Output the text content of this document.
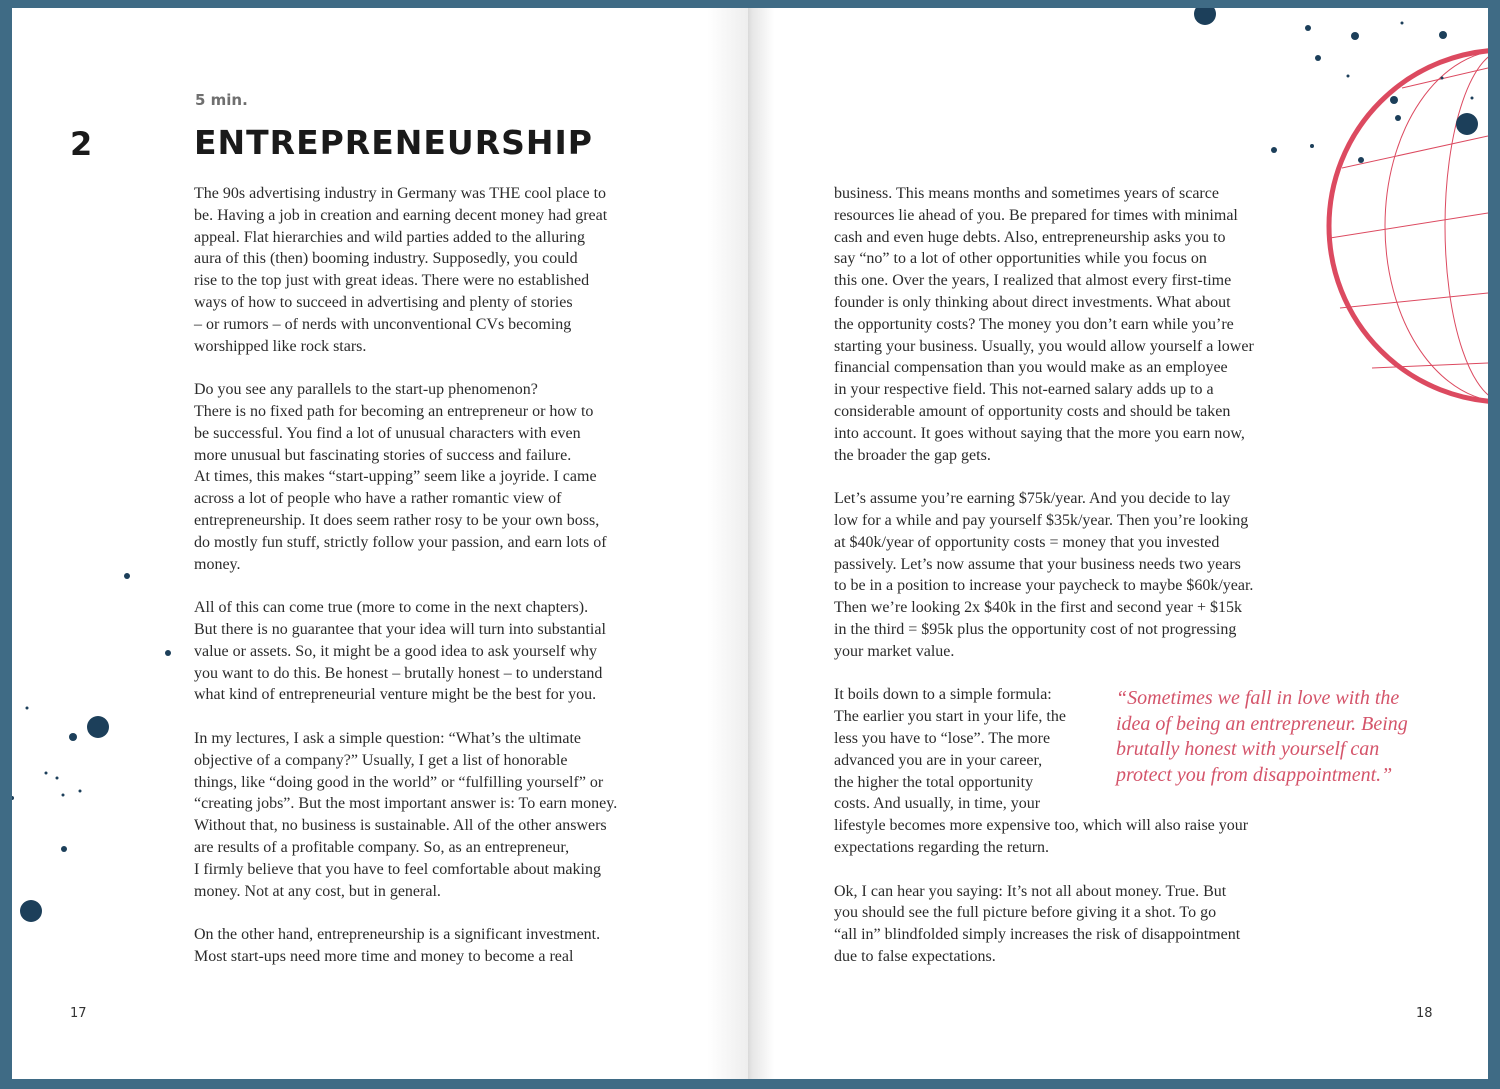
5 min.
2	ENTREPRENEURSHIP

The 90s advertising industry in Germany was THE cool place to
be. Having a job in creation and earning decent money had great
appeal. Flat hierarchies and wild parties added to the alluring
aura of this (then) booming industry. Supposedly, you could
rise to the top just with great ideas. There were no established
ways of how to succeed in advertising and plenty of stories
– or rumors – of nerds with unconventional CVs becoming
worshipped like rock stars.

Do you see any parallels to the start-up phenomenon?
There is no fixed path for becoming an entrepreneur or how to
be successful. You find a lot of unusual characters with even
more unusual but fascinating stories of success and failure.
At times, this makes “start-upping” seem like a joyride. I came
across a lot of people who have a rather romantic view of
entrepreneurship. It does seem rather rosy to be your own boss,
do mostly fun stuff, strictly follow your passion, and earn lots of
money.

All of this can come true (more to come in the next chapters).
But there is no guarantee that your idea will turn into substantial
value or assets. So, it might be a good idea to ask yourself why
you want to do this. Be honest – brutally honest – to understand
what kind of entrepreneurial venture might be the best for you.

In my lectures, I ask a simple question: “What’s the ultimate
objective of a company?” Usually, I get a list of honorable
things, like “doing good in the world” or “fulfilling yourself” or
“creating jobs”. But the most important answer is: To earn money.
Without that, no business is sustainable. All of the other answers
are results of a profitable company. So, as an entrepreneur,
I firmly believe that you have to feel comfortable about making
money. Not at any cost, but in general.

On the other hand, entrepreneurship is a significant investment.
Most start-ups need more time and money to become a real

17

business. This means months and sometimes years of scarce
resources lie ahead of you. Be prepared for times with minimal
cash and even huge debts. Also, entrepreneurship asks you to
say “no” to a lot of other opportunities while you focus on
this one. Over the years, I realized that almost every first-time
founder is only thinking about direct investments. What about
the opportunity costs? The money you don’t earn while you’re
starting your business. Usually, you would allow yourself a lower
financial compensation than you would make as an employee
in your respective field. This not-earned salary adds up to a
considerable amount of opportunity costs and should be taken
into account. It goes without saying that the more you earn now,
the broader the gap gets.

Let’s assume you’re earning $75k/year. And you decide to lay
low for a while and pay yourself $35k/year. Then you’re looking
at $40k/year of opportunity costs = money that you invested
passively. Let’s now assume that your business needs two years
to be in a position to increase your paycheck to maybe $60k/year.
Then we’re looking 2x $40k in the first and second year + $15k
in the third = $95k plus the opportunity cost of not progressing
your market value.

It boils down to a simple formula:
The earlier you start in your life, the
less you have to “lose”. The more
advanced you are in your career,
the higher the total opportunity
costs. And usually, in time, your
lifestyle becomes more expensive too, which will also raise your
expectations regarding the return.

“Sometimes we fall in love with the
idea of being an entrepreneur. Being
brutally honest with yourself can
protect you from disappointment.”

Ok, I can hear you saying: It’s not all about money. True. But
you should see the full picture before giving it a shot. To go
“all in” blindfolded simply increases the risk of disappointment
due to false expectations.

18
